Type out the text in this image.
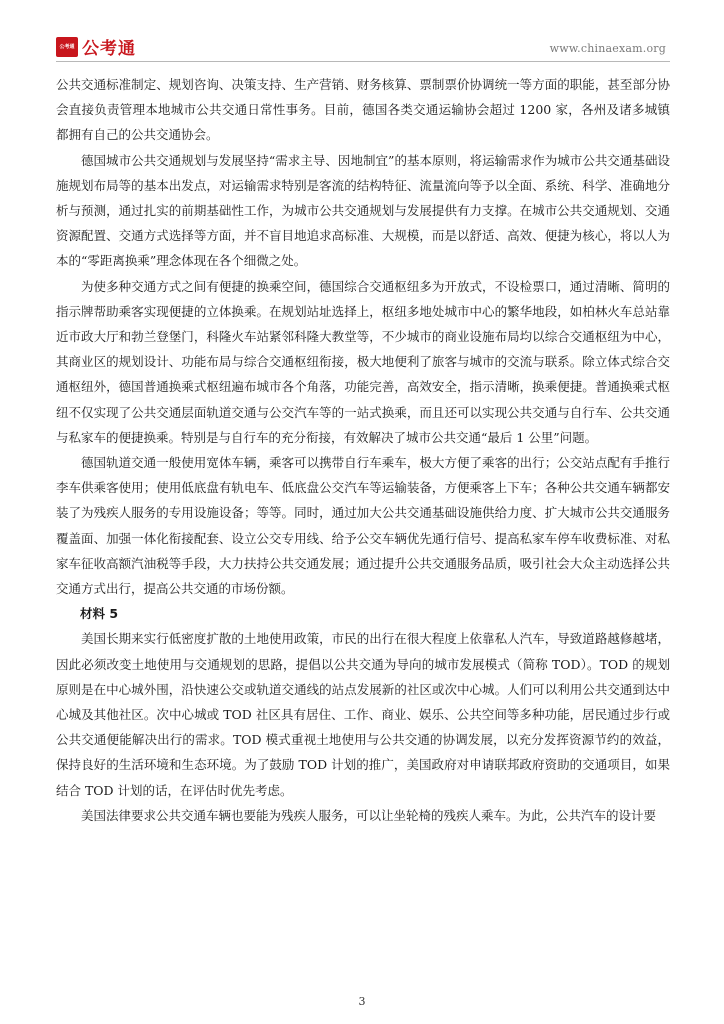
公考通 公考通	www.chinaexam.org

公共交通标准制定、规划咨询、决策支持、生产营销、财务核算、票制票价协调统一等方面的职能，甚至部分协会直接负责管理本地城市公共交通日常性事务。目前，德国各类交通运输协会超过 1200 家，各州及诸多城镇都拥有自己的公共交通协会。

德国城市公共交通规划与发展坚持“需求主导、因地制宜”的基本原则，将运输需求作为城市公共交通基础设施规划布局等的基本出发点，对运输需求特别是客流的结构特征、流量流向等予以全面、系统、科学、准确地分析与预测，通过扎实的前期基础性工作，为城市公共交通规划与发展提供有力支撑。在城市公共交通规划、交通资源配置、交通方式选择等方面，并不盲目地追求高标准、大规模，而是以舒适、高效、便捷为核心，将以人为本的“零距离换乘”理念体现在各个细微之处。

为使多种交通方式之间有便捷的换乘空间，德国综合交通枢纽多为开放式，不设检票口，通过清晰、简明的指示牌帮助乘客实现便捷的立体换乘。在规划站址选择上，枢纽多地处城市中心的繁华地段，如柏林火车总站靠近市政大厅和勃兰登堡门，科隆火车站紧邻科隆大教堂等，不少城市的商业设施布局均以综合交通枢纽为中心，其商业区的规划设计、功能布局与综合交通枢纽衔接，极大地便利了旅客与城市的交流与联系。除立体式综合交通枢纽外，德国普通换乘式枢纽遍布城市各个角落，功能完善，高效安全，指示清晰，换乘便捷。普通换乘式枢纽不仅实现了公共交通层面轨道交通与公交汽车等的一站式换乘，而且还可以实现公共交通与自行车、公共交通与私家车的便捷换乘。特别是与自行车的充分衔接，有效解决了城市公共交通“最后 1 公里”问题。

德国轨道交通一般使用宽体车辆，乘客可以携带自行车乘车，极大方便了乘客的出行；公交站点配有手推行李车供乘客使用；使用低底盘有轨电车、低底盘公交汽车等运输装备，方便乘客上下车；各种公共交通车辆都安装了为残疾人服务的专用设施设备；等等。同时，通过加大公共交通基础设施供给力度、扩大城市公共交通服务覆盖面、加强一体化衔接配套、设立公交专用线、给予公交车辆优先通行信号、提高私家车停车收费标准、对私家车征收高额汽油税等手段，大力扶持公共交通发展；通过提升公共交通服务品质，吸引社会大众主动选择公共交通方式出行，提高公共交通的市场份额。

材料 5

美国长期来实行低密度扩散的土地使用政策，市民的出行在很大程度上依靠私人汽车，导致道路越修越堵，因此必须改变土地使用与交通规划的思路，提倡以公共交通为导向的城市发展模式（简称 TOD）。TOD 的规划原则是在中心城外围，沿快速公交或轨道交通线的站点发展新的社区或次中心城。人们可以利用公共交通到达中心城及其他社区。次中心城或 TOD 社区具有居住、工作、商业、娱乐、公共空间等多种功能，居民通过步行或公共交通便能解决出行的需求。TOD 模式重视土地使用与公共交通的协调发展，以充分发挥资源节约的效益，保持良好的生活环境和生态环境。为了鼓励 TOD 计划的推广，美国政府对申请联邦政府资助的交通项目，如果结合 TOD 计划的话，在评估时优先考虑。

美国法律要求公共交通车辆也要能为残疾人服务，可以让坐轮椅的残疾人乘车。为此，公共汽车的设计要

3
